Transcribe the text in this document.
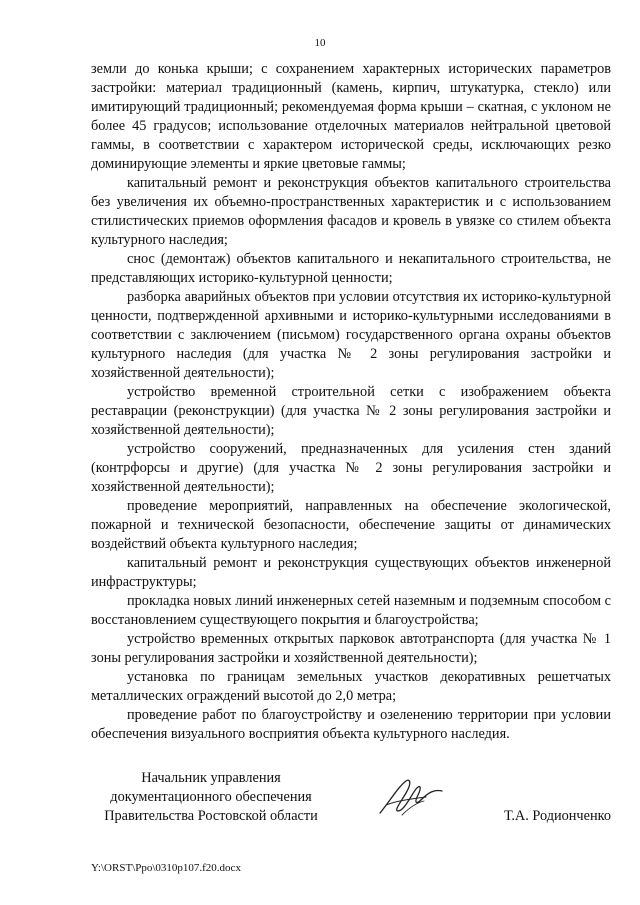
10

земли до конька крыши; с сохранением характерных исторических параметров застройки: материал традиционный (камень, кирпич, штукатурка, стекло) или имитирующий традиционный; рекомендуемая форма крыши – скатная, с уклоном не более 45 градусов; использование отделочных материалов нейтральной цветовой гаммы, в соответствии с характером исторической среды, исключающих резко доминирующие элементы и яркие цветовые гаммы;

капитальный ремонт и реконструкция объектов капитального строительства без увеличения их объемно-пространственных характеристик и с использованием стилистических приемов оформления фасадов и кровель в увязке со стилем объекта культурного наследия;

снос (демонтаж) объектов капитального и некапитального строительства, не представляющих историко-культурной ценности;

разборка аварийных объектов при условии отсутствия их историко-культурной ценности, подтвержденной архивными и историко-культурными исследованиями в соответствии с заключением (письмом) государственного органа охраны объектов культурного наследия (для участка № 2 зоны регулирования застройки и хозяйственной деятельности);

устройство временной строительной сетки с изображением объекта реставрации (реконструкции) (для участка № 2 зоны регулирования застройки и хозяйственной деятельности);

устройство сооружений, предназначенных для усиления стен зданий (контрфорсы и другие) (для участка № 2 зоны регулирования застройки и хозяйственной деятельности);

проведение мероприятий, направленных на обеспечение экологической, пожарной и технической безопасности, обеспечение защиты от динамических воздействий объекта культурного наследия;

капитальный ремонт и реконструкция существующих объектов инженерной инфраструктуры;

прокладка новых линий инженерных сетей наземным и подземным способом с восстановлением существующего покрытия и благоустройства;

устройство временных открытых парковок автотранспорта (для участка № 1 зоны регулирования застройки и хозяйственной деятельности);

установка по границам земельных участков декоративных решетчатых металлических ограждений высотой до 2,0 метра;

проведение работ по благоустройству и озеленению территории при условии обеспечения визуального восприятия объекта культурного наследия.

Начальник управления
документационного обеспечения
Правительства Ростовской области	Т.А. Родионченко
Y:\ORST\Ppo\0310p107.f20.docx
